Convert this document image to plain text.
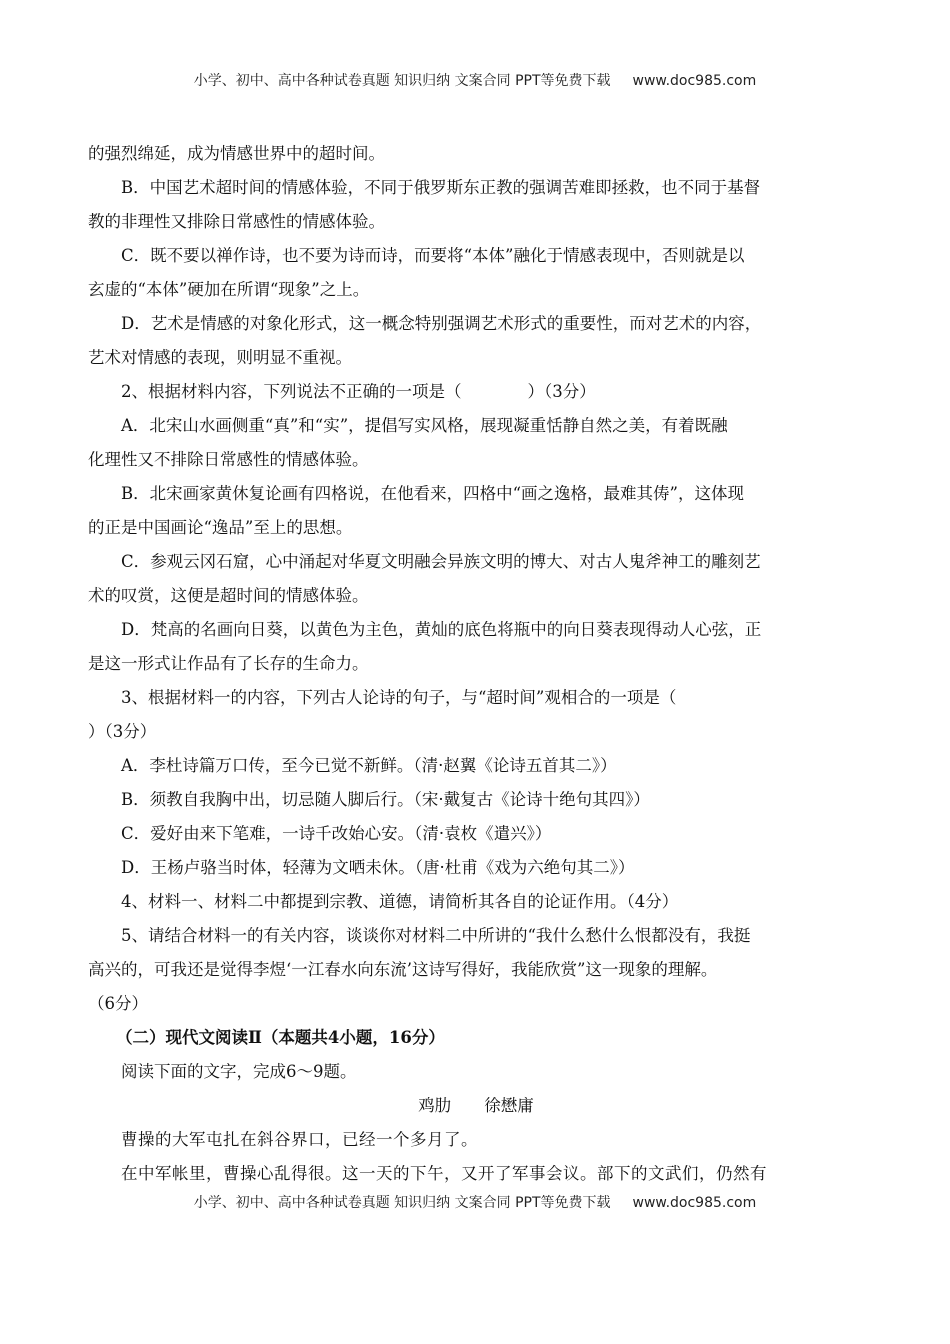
小学、初中、高中各种试卷真题 知识归纳 文案合同 PPT等免费下载 www.doc985.com
的强烈绵延，成为情感世界中的超时间。
B．中国艺术超时间的情感体验，不同于俄罗斯东正教的强调苦难即拯救，也不同于基督
教的非理性又排除日常感性的情感体验。
C．既不要以禅作诗，也不要为诗而诗，而要将“本体”融化于情感表现中，否则就是以
玄虚的“本体”硬加在所谓“现象”之上。
D．艺术是情感的对象化形式，这一概念特别强调艺术形式的重要性，而对艺术的内容，
艺术对情感的表现，则明显不重视。
2、根据材料内容，下列说法不正确的一项是（　　　　）（3分）
A．北宋山水画侧重“真”和“实”，提倡写实风格，展现凝重恬静自然之美，有着既融
化理性又不排除日常感性的情感体验。
B．北宋画家黄休复论画有四格说，在他看来，四格中“画之逸格，最难其俦”，这体现
的正是中国画论“逸品”至上的思想。
C．参观云冈石窟，心中涌起对华夏文明融会异族文明的博大、对古人鬼斧神工的雕刻艺
术的叹赏，这便是超时间的情感体验。
D．梵高的名画向日葵，以黄色为主色，黄灿的底色将瓶中的向日葵表现得动人心弦，正
是这一形式让作品有了长存的生命力。
3、根据材料一的内容，下列古人论诗的句子，与“超时间”观相合的一项是（
）（3分）
A．李杜诗篇万口传，至今已觉不新鲜。（清·赵翼《论诗五首其二》）
B．须教自我胸中出，切忌随人脚后行。（宋·戴复古《论诗十绝句其四》）
C．爱好由来下笔难，一诗千改始心安。（清·袁枚《遣兴》）
D．王杨卢骆当时体，轻薄为文哂未休。（唐·杜甫《戏为六绝句其二》）
4、材料一、材料二中都提到宗教、道德，请简析其各自的论证作用。（4分）
5、请结合材料一的有关内容，谈谈你对材料二中所讲的“我什么愁什么恨都没有，我挺
高兴的，可我还是觉得李煜‘一江春水向东流’这诗写得好，我能欣赏”这一现象的理解。
（6分）
（二）现代文阅读Ⅱ（本题共4小题，16分）
阅读下面的文字，完成6～9题。
鸡肋　　徐懋庸
曹操的大军屯扎在斜谷界口，已经一个多月了。
在中军帐里，曹操心乱得很。这一天的下午，又开了军事会议。部下的文武们，仍然有
小学、初中、高中各种试卷真题 知识归纳 文案合同 PPT等免费下载 www.doc985.com
